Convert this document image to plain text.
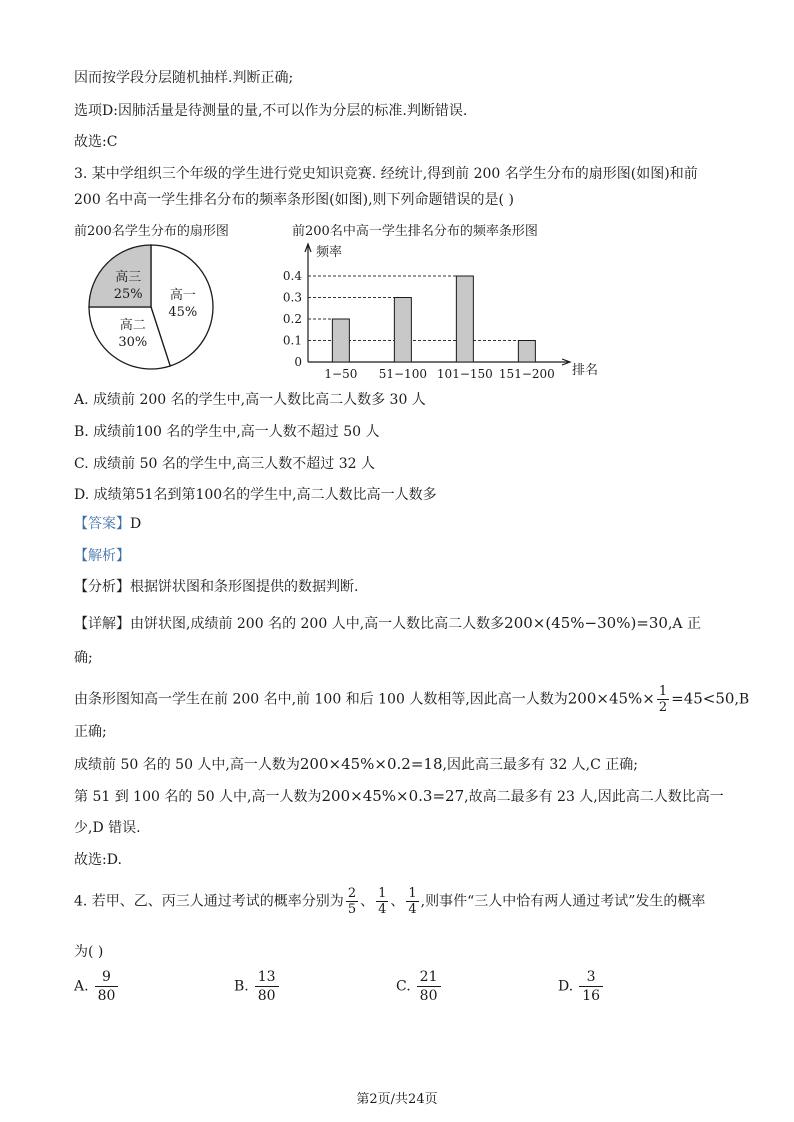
因而按学段分层随机抽样.判断正确;
选项D:因肺活量是待测量的量,不可以作为分层的标准.判断错误.
故选:C
3. 某中学组织三个年级的学生进行党史知识竞赛. 经统计,得到前 200 名学生分布的扇形图(如图)和前
200 名中高一学生排名分布的频率条形图(如图),则下列命题错误的是( )
前200名学生分布的扇形图	前200名中高一学生排名分布的频率条形图
高一
45%
高二
30%
高三
25%
频率
排名
0
0.1
0.2
0.3
0.4
1−50 51−100 101−150 151−200
A. 成绩前 200 名的学生中,高一人数比高二人数多 30 人
B. 成绩前100 名的学生中,高一人数不超过 50 人
C. 成绩前 50 名的学生中,高三人数不超过 32 人
D. 成绩第51名到第100名的学生中,高二人数比高一人数多
【答案】D
【解析】
【分析】根据饼状图和条形图提供的数据判断.
【详解】由饼状图,成绩前 200 名的 200 人中,高一人数比高二人数多200×(45%−30%)=30,A 正
确;
由条形图知高一学生在前 200 名中,前 100 和后 100 人数相等,因此高一人数为$200\times 45\%\times \frac{1}{2} =45<50,B$
正确;
成绩前 50 名的 50 人中,高一人数为200×45%×0.2=18,因此高三最多有 32 人,C 正确;
第 51 到 100 名的 50 人中,高一人数为200×45%×0.3=27,故高二最多有 23 人,因此高二人数比高一
少,D 错误.
故选:D.
4. 若甲、乙、丙三人通过考试的概率分别为 $\frac{2}{5}$ 、 $\frac{1}{4}$ 、 $\frac{1}{4}$ ,则事件“三人中恰有两人通过考试”发生的概率
为( )
A. $\frac{9}{80}$	B. $\frac{13}{80}$	C. $\frac{21}{80}$	D. $\frac{3}{16}$
第2页/共24页
